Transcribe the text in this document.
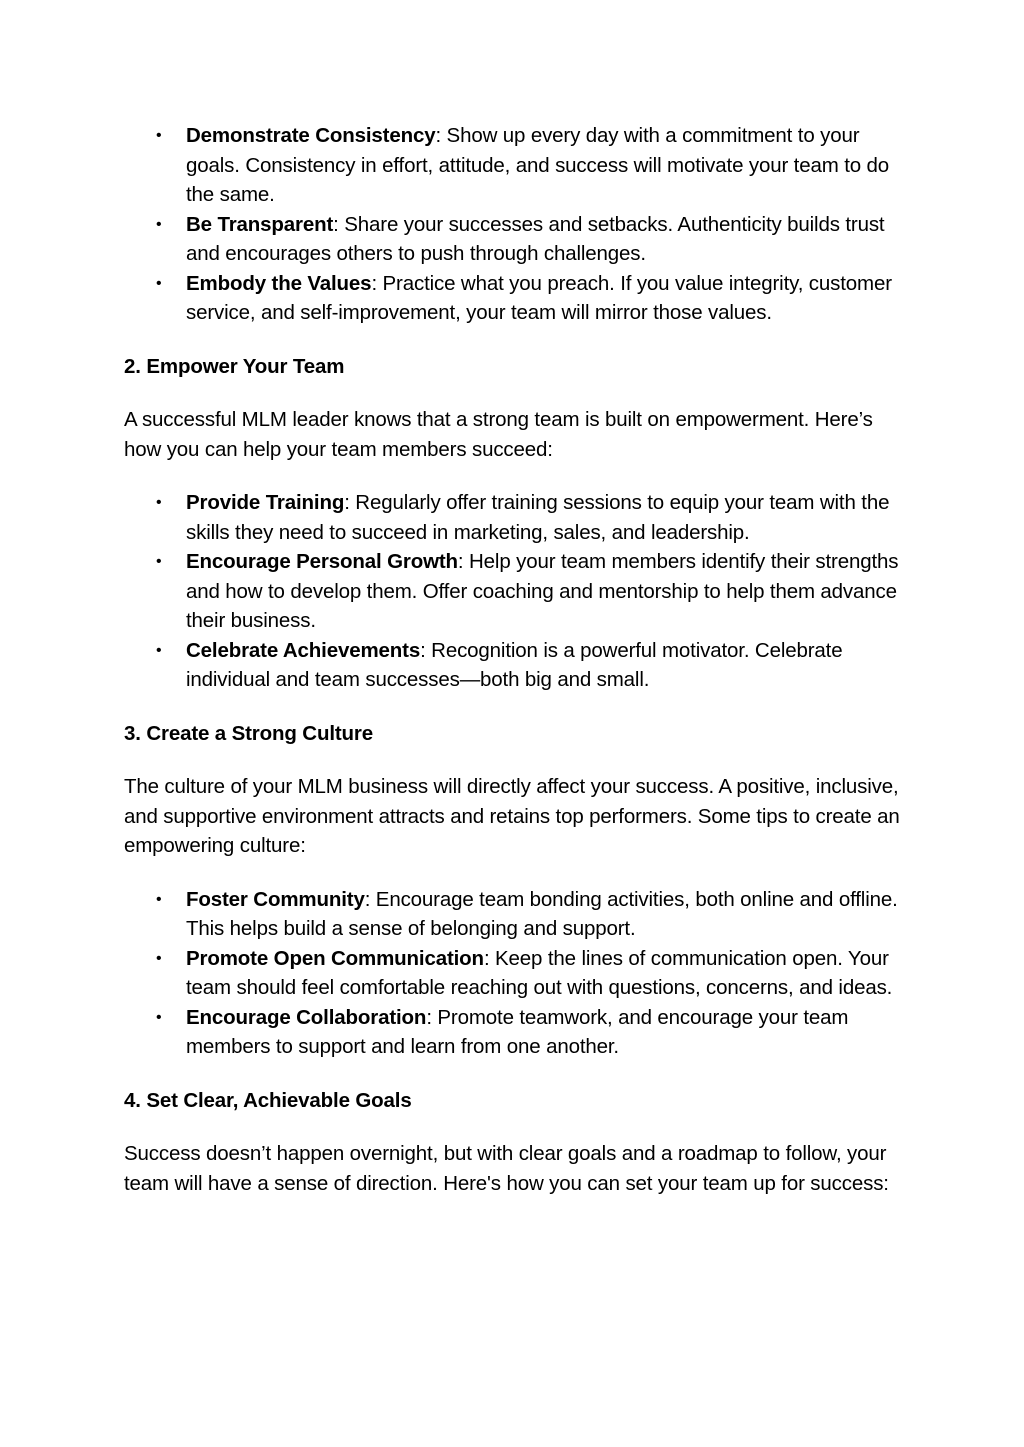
• Demonstrate Consistency: Show up every day with a commitment to your goals. Consistency in effort, attitude, and success will motivate your team to do the same.
• Be Transparent: Share your successes and setbacks. Authenticity builds trust and encourages others to push through challenges.
• Embody the Values: Practice what you preach. If you value integrity, customer service, and self-improvement, your team will mirror those values.

2. Empower Your Team

A successful MLM leader knows that a strong team is built on empowerment. Here’s how you can help your team members succeed:

• Provide Training: Regularly offer training sessions to equip your team with the skills they need to succeed in marketing, sales, and leadership.
• Encourage Personal Growth: Help your team members identify their strengths and how to develop them. Offer coaching and mentorship to help them advance their business.
• Celebrate Achievements: Recognition is a powerful motivator. Celebrate individual and team successes—both big and small.

3. Create a Strong Culture

The culture of your MLM business will directly affect your success. A positive, inclusive, and supportive environment attracts and retains top performers. Some tips to create an empowering culture:

• Foster Community: Encourage team bonding activities, both online and offline. This helps build a sense of belonging and support.
• Promote Open Communication: Keep the lines of communication open. Your team should feel comfortable reaching out with questions, concerns, and ideas.
• Encourage Collaboration: Promote teamwork, and encourage your team members to support and learn from one another.

4. Set Clear, Achievable Goals

Success doesn’t happen overnight, but with clear goals and a roadmap to follow, your team will have a sense of direction. Here's how you can set your team up for success:
